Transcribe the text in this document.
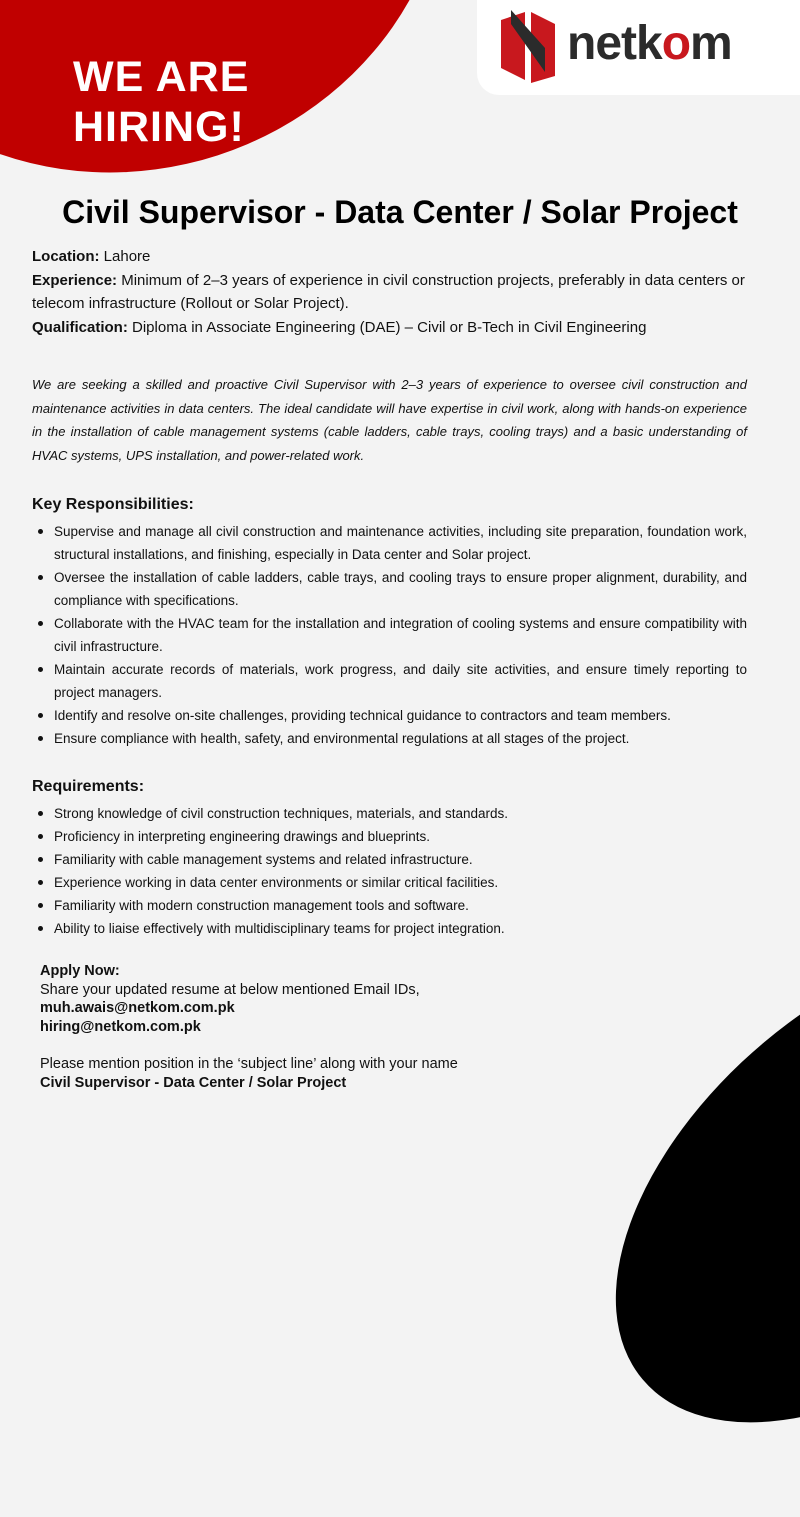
WE ARE
HIRING!
netkom
Civil Supervisor - Data Center / Solar Project

Location: Lahore

Experience: Minimum of 2–3 years of experience in civil construction projects, preferably in data centers or telecom infrastructure (Rollout or Solar Project).

Qualification: Diploma in Associate Engineering (DAE) – Civil or B-Tech in Civil Engineering

We are seeking a skilled and proactive Civil Supervisor with 2–3 years of experience to oversee civil construction and maintenance activities in data centers. The ideal candidate will have expertise in civil work, along with hands-on experience in the installation of cable management systems (cable ladders, cable trays, cooling trays) and a basic understanding of HVAC systems, UPS installation, and power-related work.

Key Responsibilities:
Supervise and manage all civil construction and maintenance activities, including site preparation, foundation work, structural installations, and finishing, especially in Data center and Solar project.
Oversee the installation of cable ladders, cable trays, and cooling trays to ensure proper alignment, durability, and compliance with specifications.
Collaborate with the HVAC team for the installation and integration of cooling systems and ensure compatibility with civil infrastructure.
Maintain accurate records of materials, work progress, and daily site activities, and ensure timely reporting to project managers.
Identify and resolve on-site challenges, providing technical guidance to contractors and team members.
Ensure compliance with health, safety, and environmental regulations at all stages of the project.
Requirements:
Strong knowledge of civil construction techniques, materials, and standards.
Proficiency in interpreting engineering drawings and blueprints.
Familiarity with cable management systems and related infrastructure.
Experience working in data center environments or similar critical facilities.
Familiarity with modern construction management tools and software.
Ability to liaise effectively with multidisciplinary teams for project integration.

Apply Now:

Share your updated resume at below mentioned Email IDs,

muh.awais@netkom.com.pk

hiring@netkom.com.pk

Please mention position in the ‘subject line’ along with your name

Civil Supervisor - Data Center / Solar Project
